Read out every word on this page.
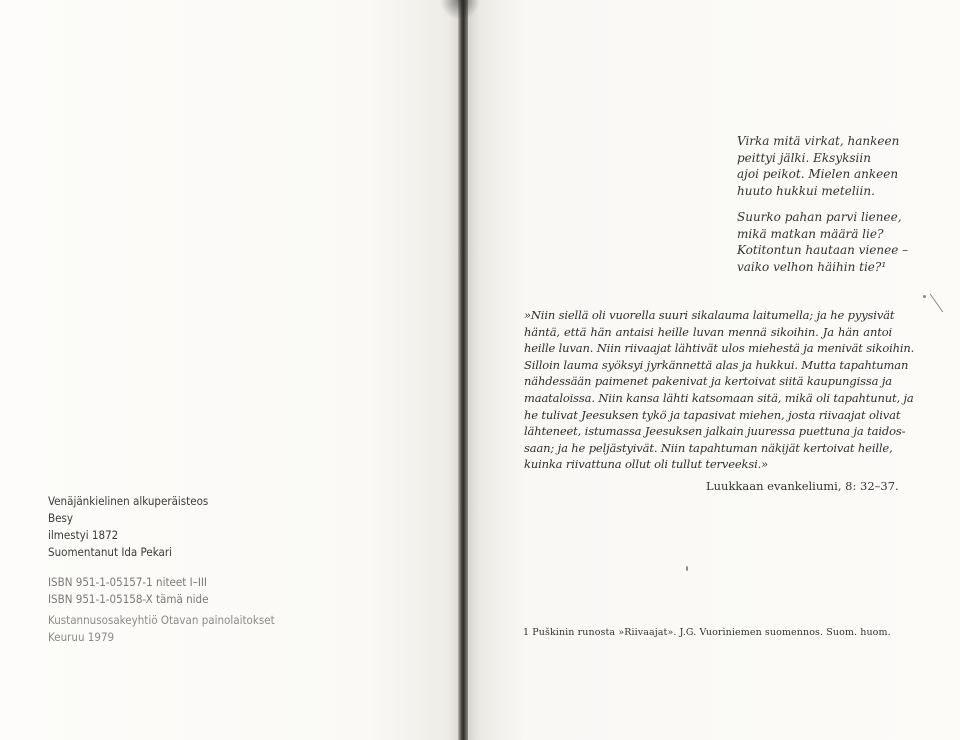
Venäjänkielinen alkuperäisteos
Besy
ilmestyi 1872
Suomentanut Ida Pekari
ISBN 951-1-05157-1 niteet I–III
ISBN 951-1-05158-X tämä nide
Kustannusosakeyhtiö Otavan painolaitokset
Keuruu 1979
Virka mitä virkat, hankeen
peittyi jälki. Eksyksiin
ajoi peikot. Mielen ankeen
huuto hukkui meteliin.
Suurko pahan parvi lienee,
mikä matkan määrä lie?
Kotitontun hautaan vienee –
vaiko velhon häihin tie?¹
»Niin siellä oli vuorella suuri sikalauma laitumella; ja he pyysivät
häntä, että hän antaisi heille luvan mennä sikoihin. Ja hän antoi
heille luvan. Niin riivaajat lähtivät ulos miehestä ja menivät sikoihin.
Silloin lauma syöksyi jyrkännettä alas ja hukkui. Mutta tapahtuman
nähdessään paimenet pakenivat ja kertoivat siitä kaupungissa ja
maataloissa. Niin kansa lähti katsomaan sitä, mikä oli tapahtunut, ja
he tulivat Jeesuksen tykö ja tapasivat miehen, josta riivaajat olivat
lähteneet, istumassa Jeesuksen jalkain juuressa puettuna ja taidos-
saan; ja he peljästyivät. Niin tapahtuman näkijät kertoivat heille,
kuinka riivattuna ollut oli tullut terveeksi.»
Luukkaan evankeliumi, 8: 32–37.
1 Puškinin runosta »Riivaajat». J.G. Vuoriniemen suomennos. Suom. huom.
